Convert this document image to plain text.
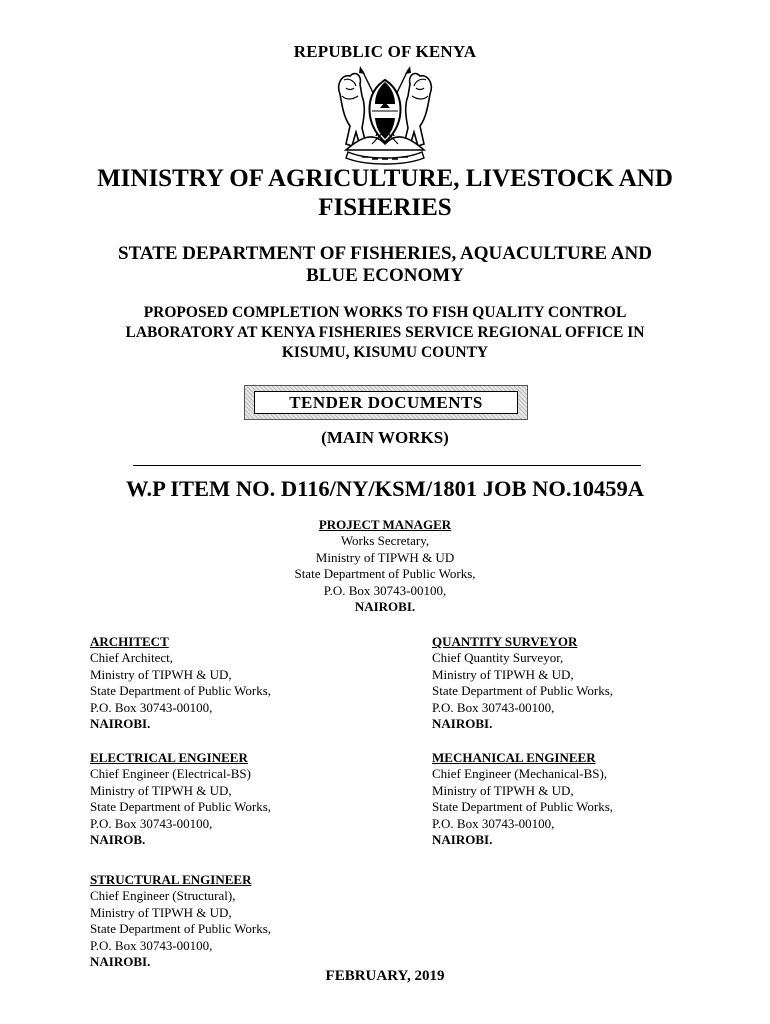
REPUBLIC OF KENYA
MINISTRY OF AGRICULTURE, LIVESTOCK AND
FISHERIES
STATE DEPARTMENT OF FISHERIES, AQUACULTURE AND
BLUE ECONOMY
PROPOSED COMPLETION WORKS TO FISH QUALITY CONTROL
LABORATORY AT KENYA FISHERIES SERVICE REGIONAL OFFICE IN
KISUMU, KISUMU COUNTY
TENDER DOCUMENTS
(MAIN WORKS)
W.P ITEM NO. D116/NY/KSM/1801 JOB NO.10459A
PROJECT MANAGER
Works Secretary,
Ministry of TIPWH & UD
State Department of Public Works,
P.O. Box 30743-00100,
NAIROBI.
ARCHITECT
Chief Architect,
Ministry of TIPWH & UD,
State Department of Public Works,
P.O. Box 30743-00100,
NAIROBI.
QUANTITY SURVEYOR
Chief Quantity Surveyor,
Ministry of TIPWH & UD,
State Department of Public Works,
P.O. Box 30743-00100,
NAIROBI.
ELECTRICAL ENGINEER
Chief Engineer (Electrical-BS)
Ministry of TIPWH & UD,
State Department of Public Works,
P.O. Box 30743-00100,
NAIROB.
MECHANICAL ENGINEER
Chief Engineer (Mechanical-BS),
Ministry of TIPWH & UD,
State Department of Public Works,
P.O. Box 30743-00100,
NAIROBI.
STRUCTURAL ENGINEER
Chief Engineer (Structural),
Ministry of TIPWH & UD,
State Department of Public Works,
P.O. Box 30743-00100,
NAIROBI.
FEBRUARY, 2019
